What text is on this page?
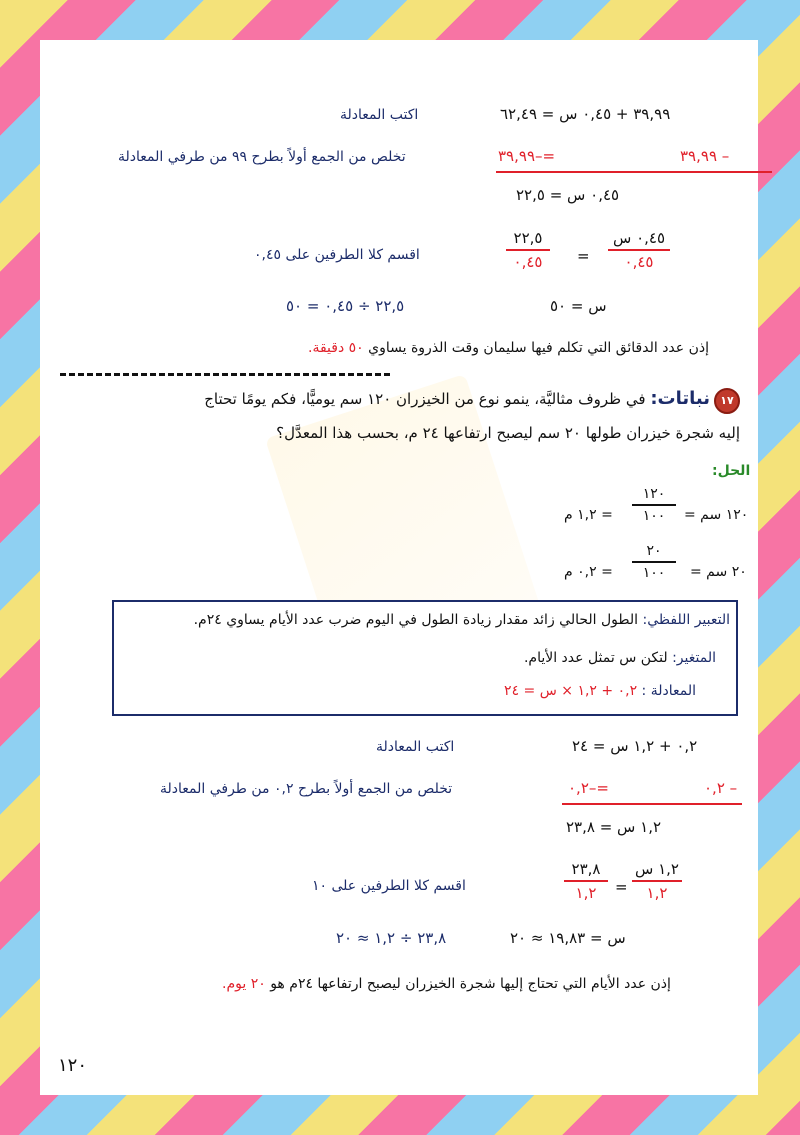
٣٩,٩٩ + ٠,٤٥ س = ٦٢,٤٩
اكتب المعادلة
– ٣٩,٩٩
=–٣٩,٩٩
تخلص من الجمع أولاً بطرح ٩٩ من طرفي المعادلة
٠,٤٥ س = ٢٢,٥
٠,٤٥ س
٠,٤٥
=
٢٢,٥
٠,٤٥
اقسم كلا الطرفين على ٠,٤٥
س = ٥٠
٢٢,٥ ÷ ٠,٤٥ = ٥٠
إذن عدد الدقائق التي تكلم فيها سليمان وقت الذروة يساوي ٥٠ دقيقة.
١٧
نباتات: في ظروف مثاليَّة، ينمو نوع من الخيزران ١٢٠ سم يوميًّا، فكم يومًا تحتاج
إليه شجرة خيزران طولها ٢٠ سم ليصبح ارتفاعها ٢٤ م، بحسب هذا المعدَّل؟
الحل:
١٢٠ سم =
١٢٠
١٠٠
= ١,٢ م
٢٠ سم =
٢٠
١٠٠
= ٠,٢ م
التعبير اللفظي: الطول الحالي زائد مقدار زيادة الطول في اليوم ضرب عدد الأيام يساوي ٢٤م.
المتغير: لتكن س تمثل عدد الأيام.
المعادلة : ٠,٢ + ١,٢ × س = ٢٤
٠,٢ + ١,٢ س = ٢٤
اكتب المعادلة
– ٠,٢
=–٠,٢
تخلص من الجمع أولاً بطرح ٠,٢ من طرفي المعادلة
١,٢ س = ٢٣,٨
١,٢ س
١,٢
=
٢٣,٨
١,٢
اقسم كلا الطرفين على ١٠
س = ١٩,٨٣ ≈ ٢٠
٢٣,٨ ÷ ١,٢ ≈ ٢٠
إذن عدد الأيام التي تحتاج إليها شجرة الخيزران ليصبح ارتفاعها ٢٤م هو ٢٠ يوم.
١٢٠
